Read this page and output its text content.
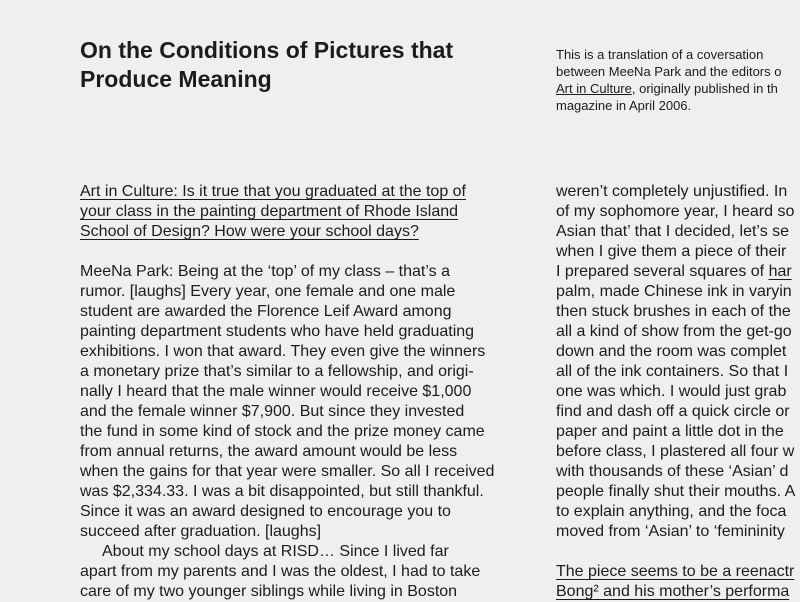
On the Conditions of Pictures that
Produce Meaning
This is a translation of a coversation
between MeeNa Park and the editors o
Art in Culture, originally published in th
magazine in April 2006.
Art in Culture: Is it true that you graduated at the top of
your class in the painting department of Rhode Island
School of Design? How were your school days?
MeeNa Park: Being at the ‘top’ of my class – that’s a
rumor. [laughs] Every year, one female and one male
student are awarded the Florence Leif Award among
painting department students who have held graduating
exhibitions. I won that award. They even give the winners
a monetary prize that’s similar to a fellowship, and origi-
nally I heard that the male winner would receive $1,000
and the female winner $7,900. But since they invested
the fund in some kind of stock and the prize money came
from annual returns, the award amount would be less
when the gains for that year were smaller. So all I received
was $2,334.33. I was a bit disappointed, but still thankful.
Since it was an award designed to encourage you to
succeed after graduation. [laughs]
About my school days at RISD… Since I lived far
apart from my parents and I was the oldest, I had to take
care of my two younger siblings while living in Boston
weren’t completely unjustified. In
of my sophomore year, I heard so
Asian that’ that I decided, let’s se
when I give them a piece of their
I prepared several squares of har
palm, made Chinese ink in varyin
then stuck brushes in each of the
all a kind of show from the get-go
down and the room was complet
all of the ink containers. So that I
one was which. I would just grab
find and dash off a quick circle or
paper and paint a little dot in the
before class, I plastered all four w
with thousands of these ‘Asian’ d
people finally shut their mouths. A
to explain anything, and the foca
moved from ‘Asian’ to ‘femininity
The piece seems to be a reenactr
Bong² and his mother’s performa
